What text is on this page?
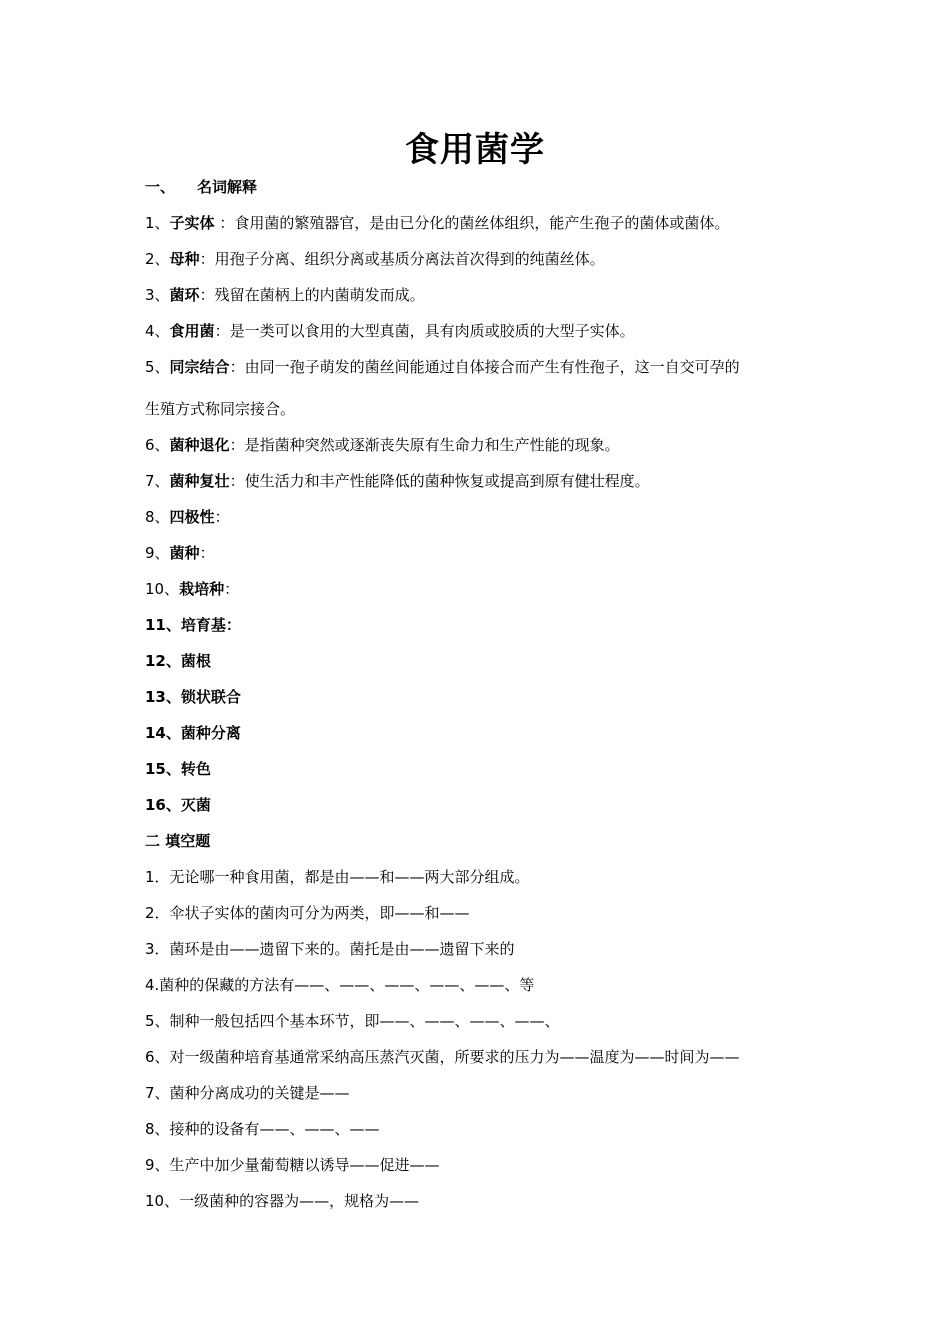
食用菌学
一、 名词解释
1、子实体 ：食用菌的繁殖器官，是由已分化的菌丝体组织，能产生孢子的菌体或菌体。
2、母种：用孢子分离、组织分离或基质分离法首次得到的纯菌丝体。
3、菌环：残留在菌柄上的内菌萌发而成。
4、食用菌：是一类可以食用的大型真菌，具有肉质或胶质的大型子实体。
5、同宗结合：由同一孢子萌发的菌丝间能通过自体接合而产生有性孢子，这一自交可孕的
生殖方式称同宗接合。
6、菌种退化：是指菌种突然或逐渐丧失原有生命力和生产性能的现象。
7、菌种复壮：使生活力和丰产性能降低的菌种恢复或提高到原有健壮程度。
8、四极性：
9、菌种：
10、栽培种：
11、培育基：
12、菌根
13、锁状联合
14、菌种分离
15、转色
16、灭菌
二 填空题
1．无论哪一种食用菌，都是由——和——两大部分组成。
2．伞状子实体的菌肉可分为两类，即——和——
3．菌环是由——遗留下来的。菌托是由——遗留下来的
4.菌种的保藏的方法有——、——、——、——、——、等
5、制种一般包括四个基本环节，即——、——、——、——、
6、对一级菌种培育基通常采纳高压蒸汽灭菌，所要求的压力为——温度为——时间为——
7、菌种分离成功的关键是——
8、接种的设备有——、——、——
9、生产中加少量葡萄糖以诱导——促进——
10、一级菌种的容器为——，规格为——
